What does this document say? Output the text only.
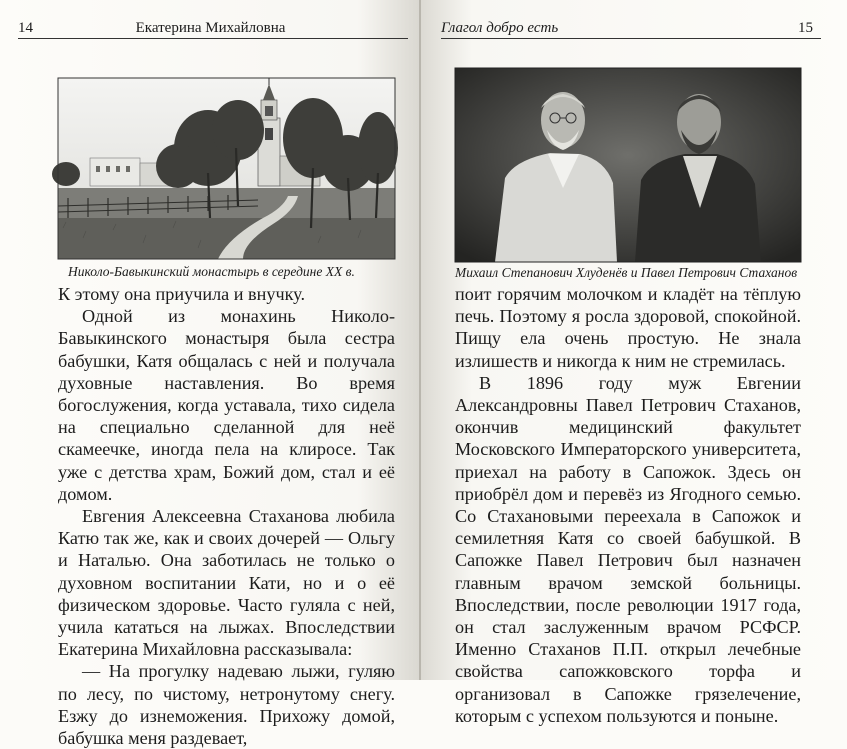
14	Екатерина Михайловна
Николо-Бавыкинский монастырь в середине XX в.

К этому она приучила и внучку.

Одной из монахинь Николо-Бавыкинского монастыря была сестра бабушки, Катя общалась с ней и получала духовные наставления. Во время богослужения, когда уставала, тихо сидела на специально сделанной для неё скамеечке, иногда пела на клиросе. Так уже с детства храм, Божий дом, стал и её домом.

Евгения Алексеевна Стаханова любила Катю так же, как и своих дочерей — Ольгу и Наталью. Она заботилась не только о духовном воспитании Кати, но и о её физическом здоровье. Часто гуляла с ней, учила кататься на лыжах. Впоследствии Екатерина Михайловна рассказывала:

— На прогулку надеваю лыжи, гуляю по лесу, по чистому, нетронутому снегу. Езжу до изнеможения. Прихожу домой, бабушка меня раздевает,

Глагол добро есть	15
Михаил Степанович Хлуденёв и Павел Петрович Стаханов

поит горячим молочком и кладёт на тёплую печь. Поэтому я росла здоровой, спокойной. Пищу ела очень простую. Не знала излишеств и никогда к ним не стремилась.

В 1896 году муж Евгении Александровны Павел Петрович Стаханов, окончив медицинский факультет Московского Императорского университета, приехал на работу в Сапожок. Здесь он приобрёл дом и перевёз из Ягодного семью. Со Стахановыми переехала в Сапожок и семилетняя Катя со своей бабушкой. В Сапожке Павел Петрович был назначен главным врачом земской больницы. Впоследствии, после революции 1917 года, он стал заслуженным врачом РСФСР. Именно Стаханов П.П. открыл лечебные свойства сапожковского торфа и организовал в Сапожке грязелечение, которым с успехом пользуются и поныне.
